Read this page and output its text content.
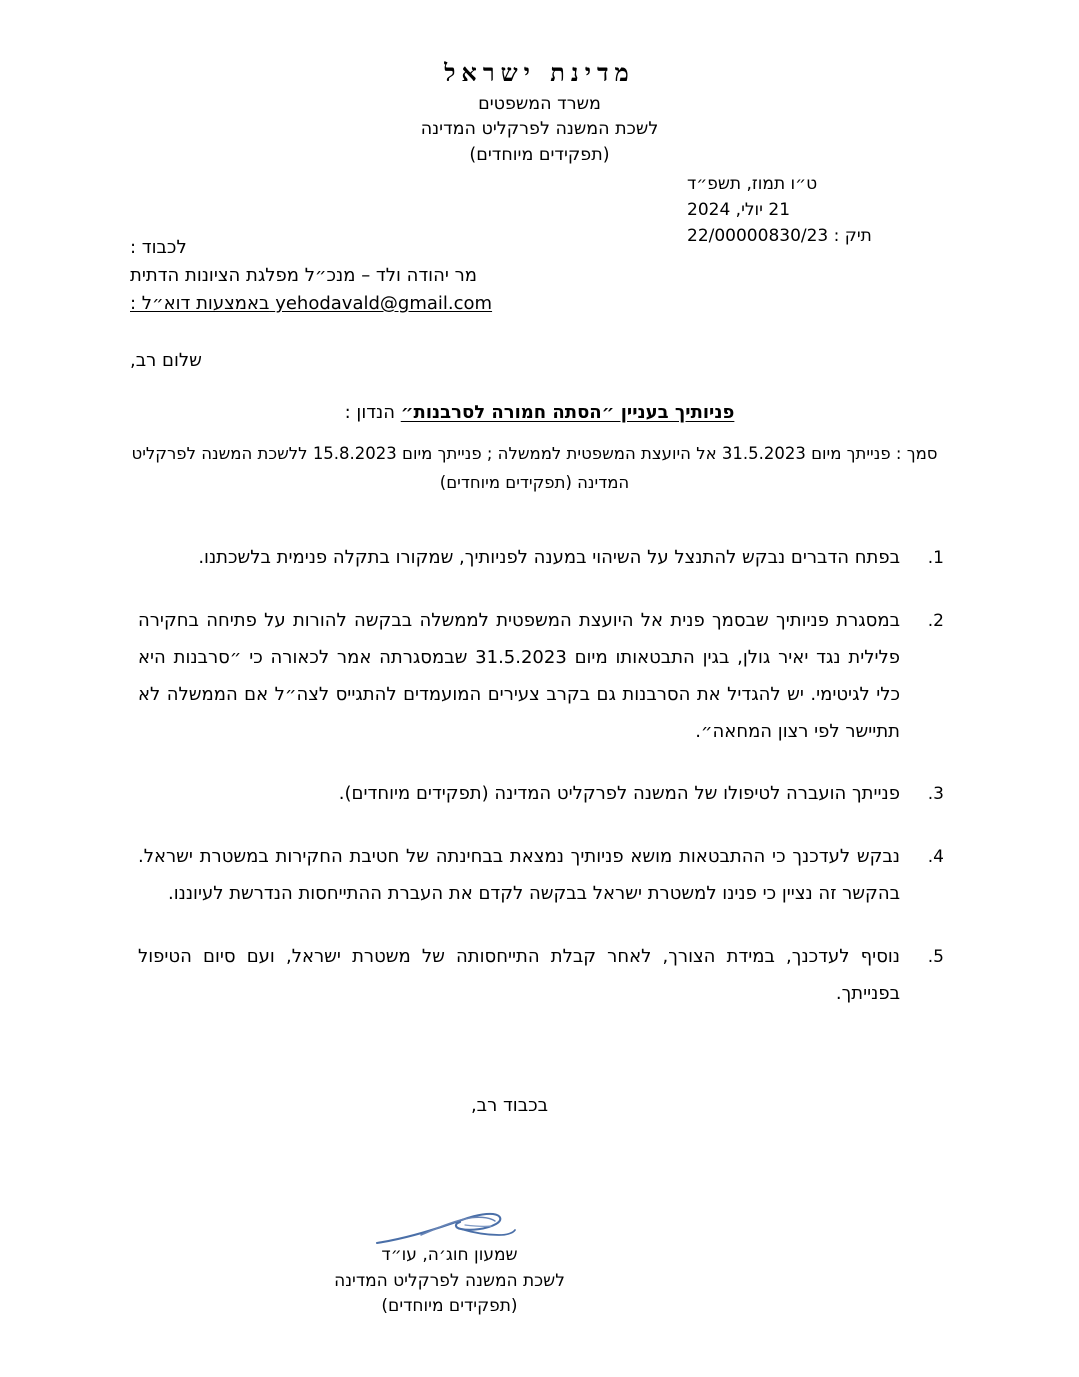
מדינת ישראל
משרד המשפטים
לשכת המשנה לפרקליט המדינה
(תפקידים מיוחדים)
ט״ו תמוז, תשפ״ד
21 יולי, 2024
תיק : 22/00000830/23
לכבוד :
מר יהודה ולד – מנכ״ל מפלגת הציונות הדתית
yehodavald@gmail.com באמצעות דוא״ל :
שלום רב,
פניותיך בעניין ״הסתה חמורה לסרבנות״ הנדון :
סמך : פנייתך מיום 31.5.2023 אל היועצת המשפטית לממשלה ; פנייתך מיום 15.8.2023 ללשכת המשנה לפרקליט המדינה (תפקידים מיוחדים)
.1
בפתח הדברים נבקש להתנצל על השיהוי במענה לפניותיך, שמקורו בתקלה פנימית בלשכתנו.
.2
במסגרת פניותיך שבסמך פנית אל היועצת המשפטית לממשלה בבקשה להורות על פתיחה בחקירה פלילית נגד יאיר גולן, בגין התבטאותו מיום 31.5.2023 שבמסגרתה אמר לכאורה כי ״סרבנות היא כלי לגיטימי. יש להגדיל את הסרבנות גם בקרב צעירים המועמדים להתגייס לצה״ל אם הממשלה לא תתיישר לפי רצון המחאה״.
.3
פנייתך הועברה לטיפולו של המשנה לפרקליט המדינה (תפקידים מיוחדים).
.4
נבקש לעדכנך כי ההתבטאות מושא פניותיך נמצאת בבחינתה של חטיבת החקירות במשטרת ישראל. בהקשר זה נציין כי פנינו למשטרת ישראל בבקשה לקדם את העברת ההתייחסות הנדרשת לעיוננו.
.5
נוסיף לעדכנך, במידת הצורך, לאחר קבלת התייחסותה של משטרת ישראל, ועם סיום הטיפול בפנייתך.
בכבוד רב,
שמעון חוג׳ה, עו״ד
לשכת המשנה לפרקליט המדינה
(תפקידים מיוחדים)
